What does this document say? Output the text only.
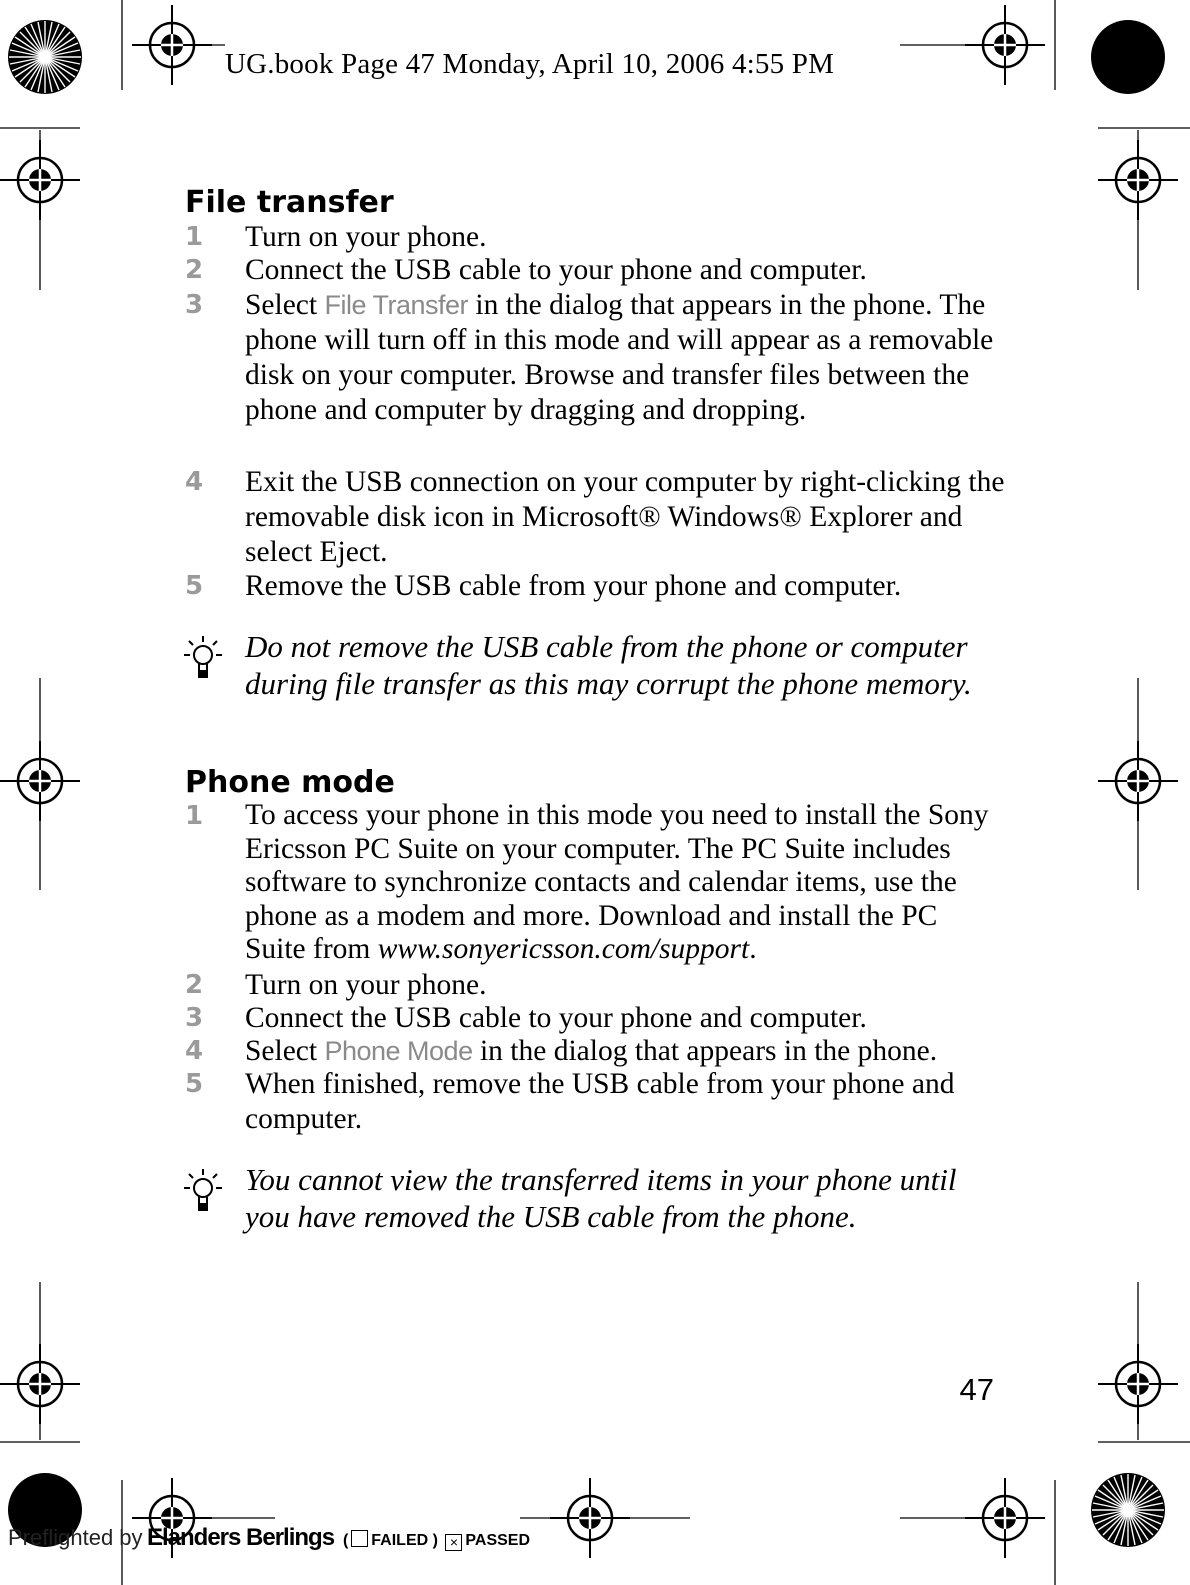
UG.book Page 47 Monday, April 10, 2006 4:55 PM
File transfer
1 Turn on your phone.
2 Connect the USB cable to your phone and computer.
3 Select File Transfer in the dialog that appears in the phone. The phone will turn off in this mode and will appear as a removable disk on your computer. Browse and transfer files between the phone and computer by dragging and dropping.
4 Exit the USB connection on your computer by right-clicking the removable disk icon in Microsoft® Windows® Explorer and select Eject.
5 Remove the USB cable from your phone and computer.
Do not remove the USB cable from the phone or computer during file transfer as this may corrupt the phone memory.
Phone mode
1 To access your phone in this mode you need to install the Sony Ericsson PC Suite on your computer. The PC Suite includes software to synchronize contacts and calendar items, use the phone as a modem and more. Download and install the PC Suite from www.sonyericsson.com/support.
2 Turn on your phone.
3 Connect the USB cable to your phone and computer.
4 Select Phone Mode in the dialog that appears in the phone.
5 When finished, remove the USB cable from your phone and computer.
You cannot view the transferred items in your phone until you have removed the USB cable from the phone.
47
Preflighted by Elanders Berlings ( FAILED ) × PASSED
